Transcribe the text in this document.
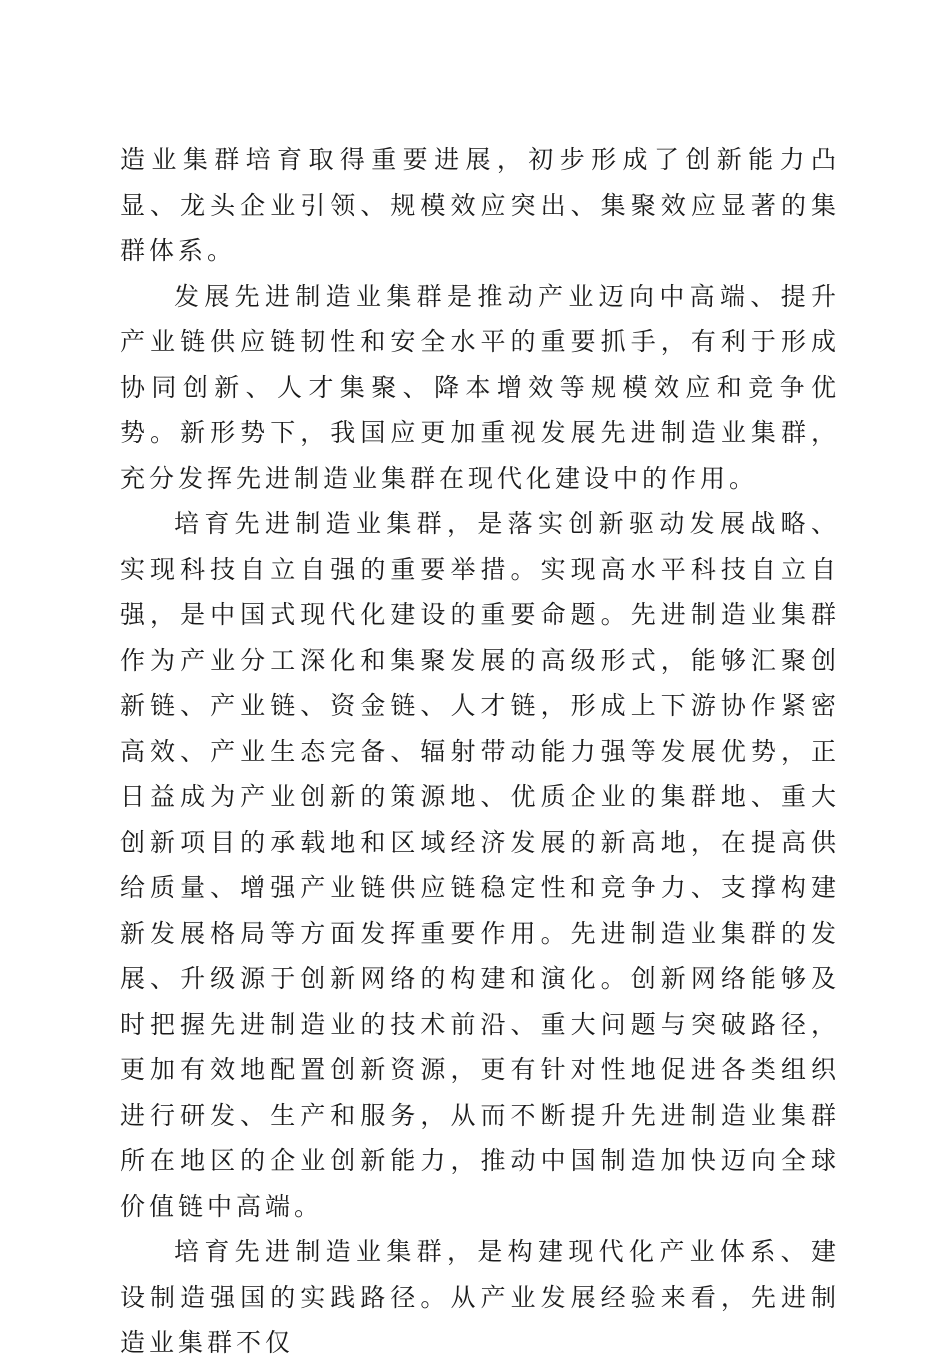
造业集群培育取得重要进展，初步形成了创新能力凸显、龙头企业引领、规模效应突出、集聚效应显著的集群体系。

发展先进制造业集群是推动产业迈向中高端、提升产业链供应链韧性和安全水平的重要抓手，有利于形成协同创新、人才集聚、降本增效等规模效应和竞争优势。新形势下，我国应更加重视发展先进制造业集群，充分发挥先进制造业集群在现代化建设中的作用。

培育先进制造业集群，是落实创新驱动发展战略、实现科技自立自强的重要举措。实现高水平科技自立自强，是中国式现代化建设的重要命题。先进制造业集群作为产业分工深化和集聚发展的高级形式，能够汇聚创新链、产业链、资金链、人才链，形成上下游协作紧密高效、产业生态完备、辐射带动能力强等发展优势，正日益成为产业创新的策源地、优质企业的集群地、重大创新项目的承载地和区域经济发展的新高地，在提高供给质量、增强产业链供应链稳定性和竞争力、支撑构建新发展格局等方面发挥重要作用。先进制造业集群的发展、升级源于创新网络的构建和演化。创新网络能够及时把握先进制造业的技术前沿、重大问题与突破路径，更加有效地配置创新资源，更有针对性地促进各类组织进行研发、生产和服务，从而不断提升先进制造业集群所在地区的企业创新能力，推动中国制造加快迈向全球价值链中高端。

培育先进制造业集群，是构建现代化产业体系、建设制造强国的实践路径。从产业发展经验来看，先进制造业集群不仅
